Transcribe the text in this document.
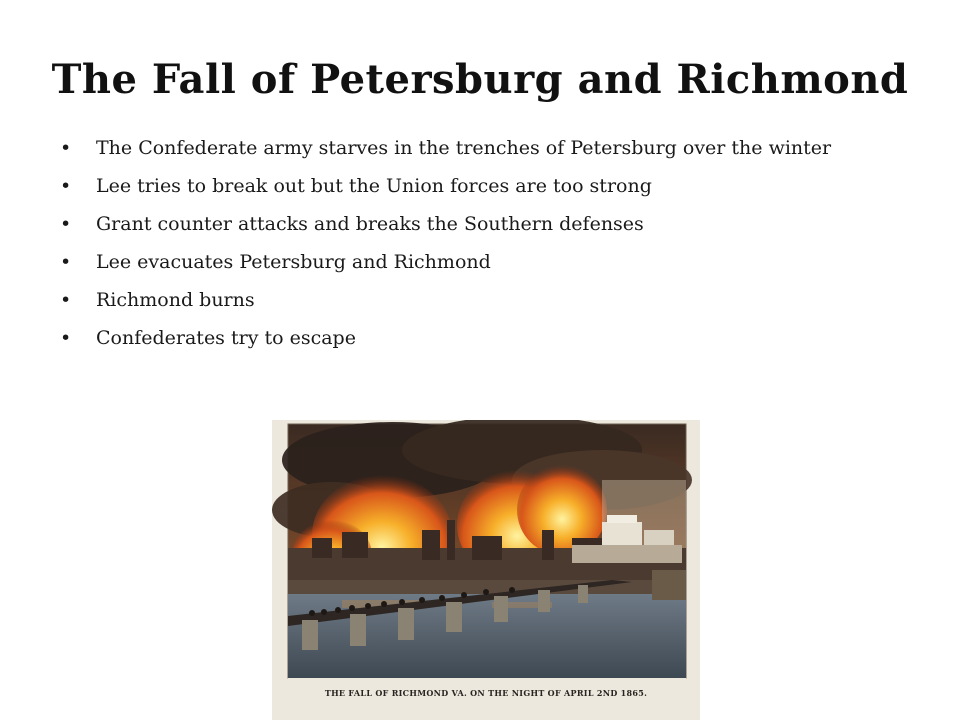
The Fall of Petersburg and Richmond
• The Confederate army starves in the trenches of Petersburg over the winter
• Lee tries to break out but the Union forces are too strong
• Grant counter attacks and breaks the Southern defenses
• Lee evacuates Petersburg and Richmond
• Richmond burns
• Confederates try to escape
THE FALL OF RICHMOND VA. ON THE NIGHT OF APRIL 2ND 1865.
